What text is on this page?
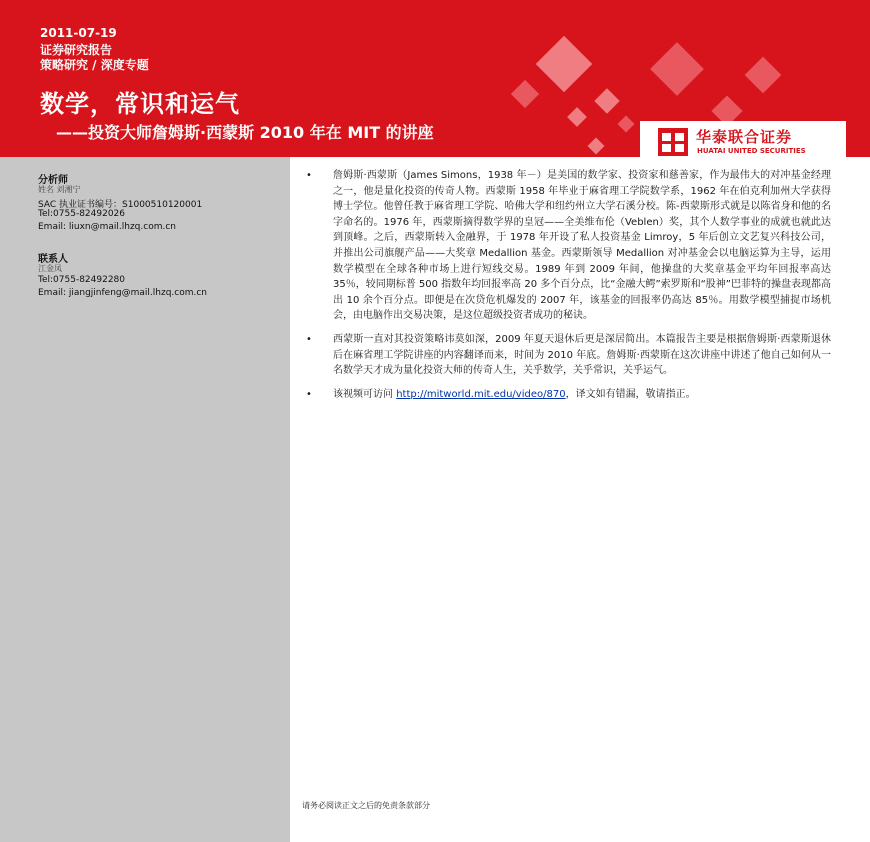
2011-07-19
证券研究报告
策略研究 / 深度专题
数学，常识和运气
——投资大师詹姆斯·西蒙斯 2010 年在 MIT 的讲座	华泰联合证券
HUATAI UNITED SECURITIES
分析师
姓名 刘湘宁
SAC 执业证书编号：S1000510120001
Tel:0755-82492026
Email: liuxn@mail.lhzq.com.cn
联系人
江金凤
Tel:0755-82492280
Email: jiangjinfeng@mail.lhzq.com.cn
• 詹姆斯·西蒙斯（James Simons，1938 年－）是美国的数学家、投资家和慈善家，作为最伟大的对冲基金经理之一，他是量化投资的传奇人物。西蒙斯 1958 年毕业于麻省理工学院数学系，1962 年在伯克利加州大学获得博士学位。他曾任教于麻省理工学院、哈佛大学和纽约州立大学石溪分校。陈-西蒙斯形式就是以陈省身和他的名字命名的。1976 年，西蒙斯摘得数学界的皇冠——全美维布伦（Veblen）奖，其个人数学事业的成就也就此达到顶峰。之后，西蒙斯转入金融界，于 1978 年开设了私人投资基金 Limroy，5 年后创立文艺复兴科技公司，并推出公司旗舰产品——大奖章 Medallion 基金。西蒙斯领导 Medallion 对冲基金会以电脑运算为主导，运用数学模型在全球各种市场上进行短线交易。1989 年到 2009 年间，他操盘的大奖章基金平均年回报率高达 35％，较同期标普 500 指数年均回报率高 20 多个百分点，比“金融大鳄”索罗斯和“股神”巴菲特的操盘表现都高出 10 余个百分点。即便是在次贷危机爆发的 2007 年，该基金的回报率仍高达 85％。用数学模型捕捉市场机会，由电脑作出交易决策，是这位超级投资者成功的秘诀。
• 西蒙斯一直对其投资策略讳莫如深，2009 年夏天退休后更是深居简出。本篇报告主要是根据詹姆斯·西蒙斯退休后在麻省理工学院讲座的内容翻译而来，时间为 2010 年底。詹姆斯·西蒙斯在这次讲座中讲述了他自己如何从一名数学天才成为量化投资大师的传奇人生，关乎数学，关乎常识，关乎运气。
• 该视频可访问 http://mitworld.mit.edu/video/870，译文如有错漏，敬请指正。
请务必阅读正文之后的免责条款部分
